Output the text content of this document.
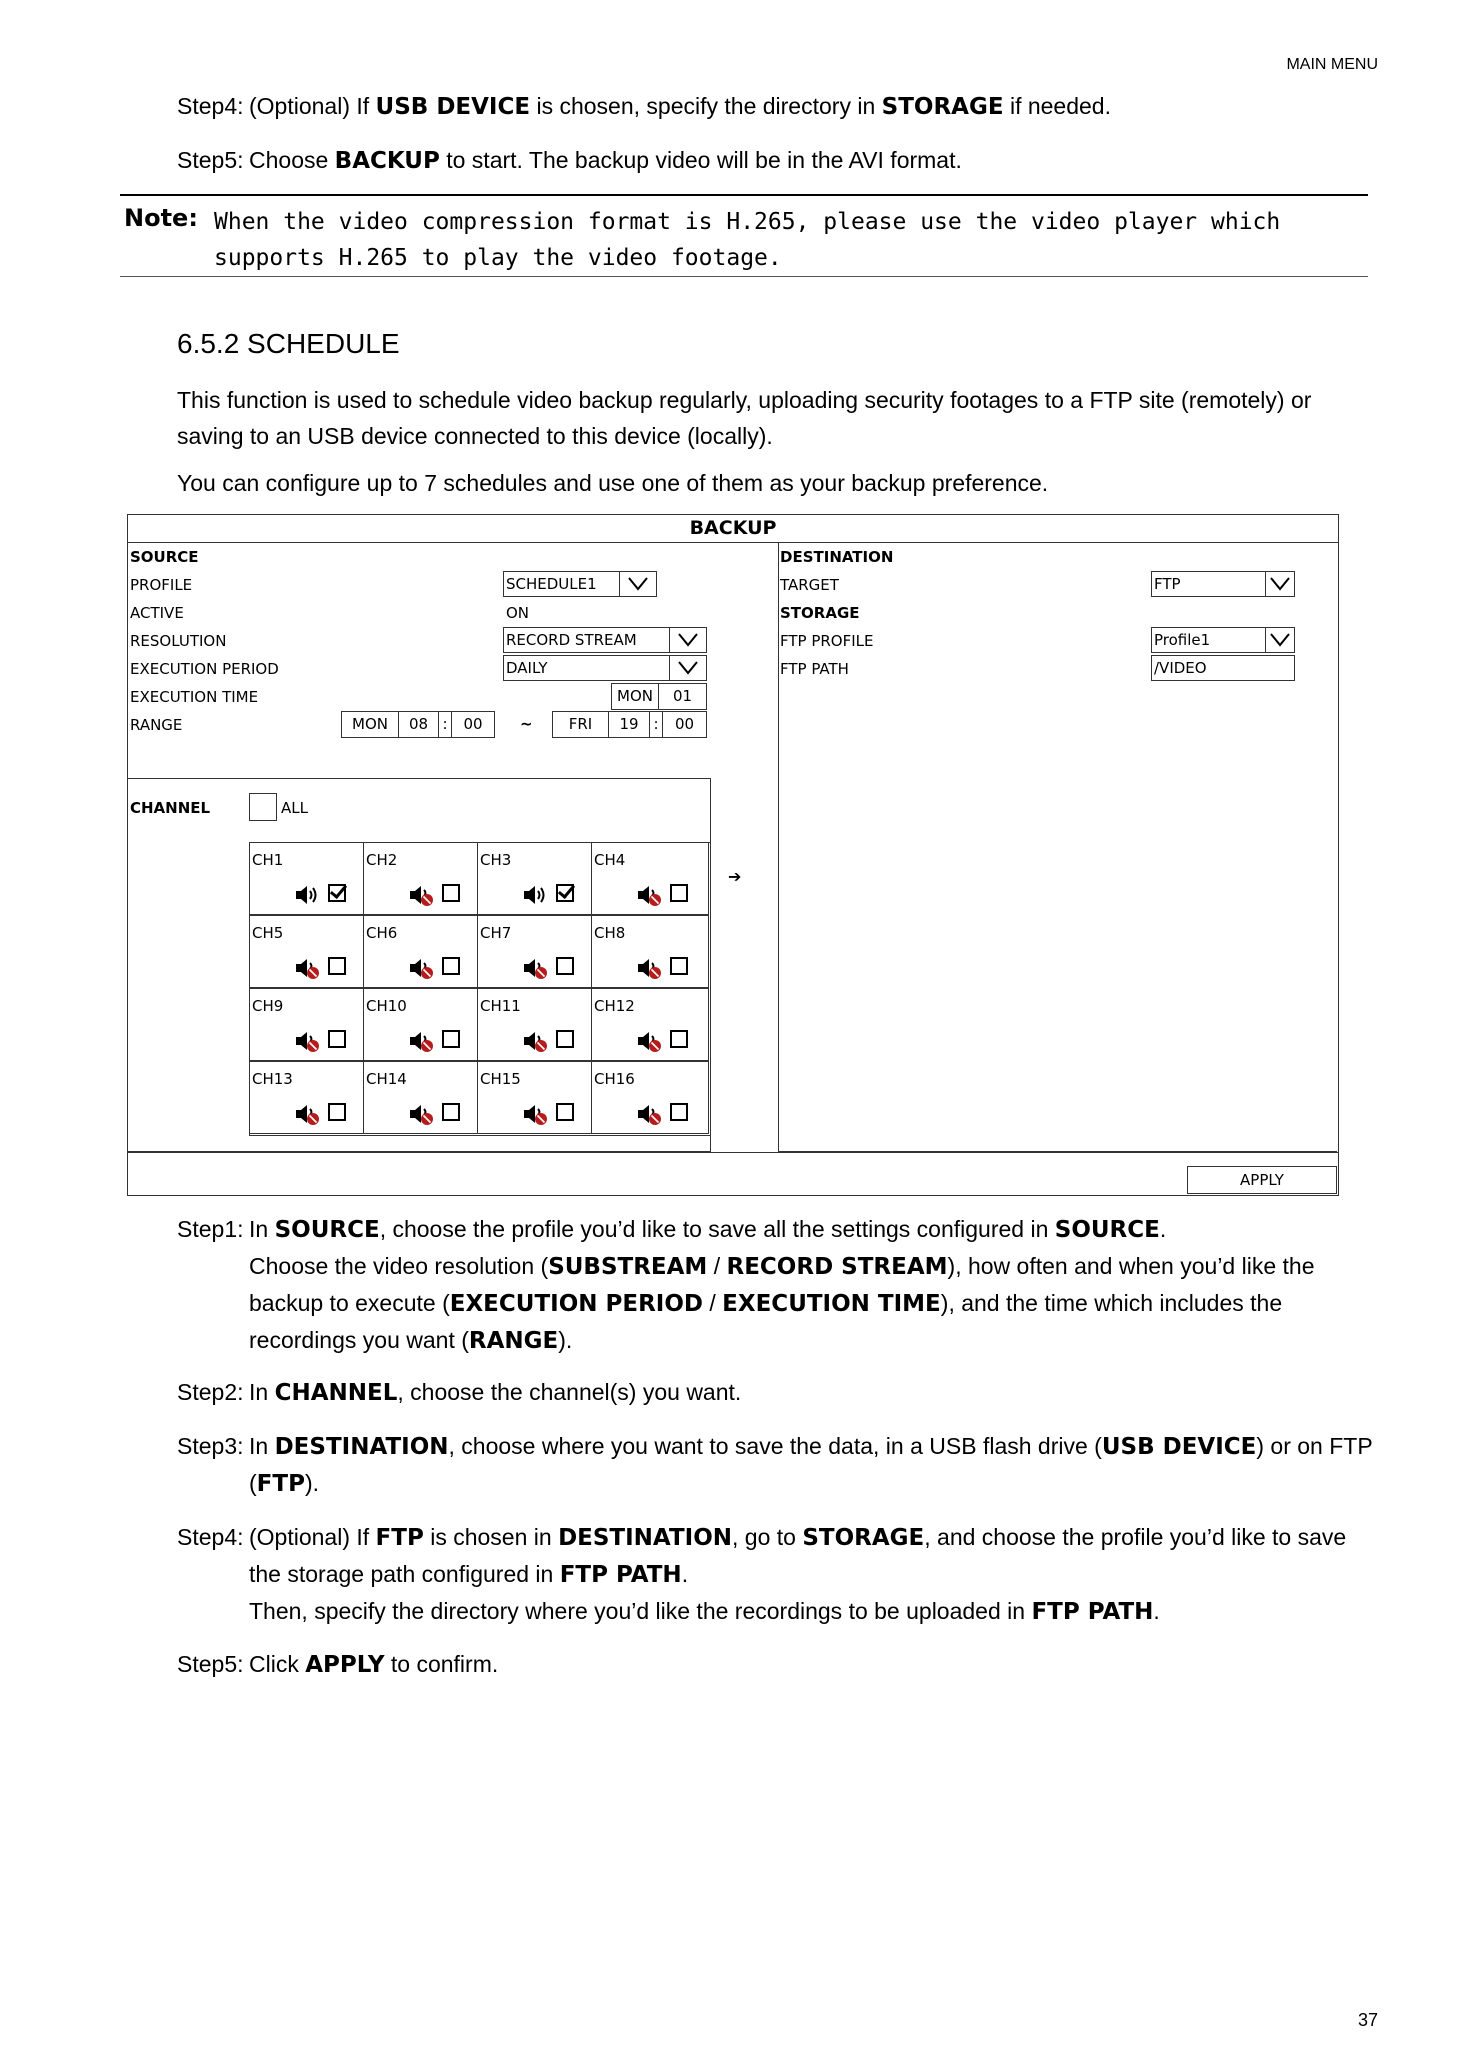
MAIN MENU
Step4: (Optional) If USB DEVICE is chosen, specify the directory in STORAGE if needed.
Step5: Choose BACKUP to start. The backup video will be in the AVI format.
Note: When the video compression format is H.265, please use the video player which supports H.265 to play the video footage.
6.5.2 SCHEDULE
This function is used to schedule video backup regularly, uploading security footages to a FTP site (remotely) or saving to an USB device connected to this device (locally).
You can configure up to 7 schedules and use one of them as your backup preference.
BACKUP
SOURCE
PROFILE	SCHEDULE1
ACTIVE	ON
RESOLUTION	RECORD STREAM
EXECUTION PERIOD	DAILY
EXECUTION TIME	MON	01
RANGE	MON	08 :	00	~	FRI	19 :	00
CHANNEL	ALL
CH1	CH2	CH3	CH4
CH5	CH6	CH7	CH8
CH9	CH10	CH11	CH12
CH13	CH14	CH15	CH16
➔
DESTINATION
TARGET	FTP
STORAGE
FTP PROFILE	Profile1
FTP PATH	/VIDEO
APPLY
Step1: In SOURCE, choose the profile you’d like to save all the settings configured in SOURCE.
Choose the video resolution (SUBSTREAM / RECORD STREAM), how often and when you’d like the backup to execute (EXECUTION PERIOD / EXECUTION TIME), and the time which includes the recordings you want (RANGE).
Step2: In CHANNEL, choose the channel(s) you want.
Step3: In DESTINATION, choose where you want to save the data, in a USB flash drive (USB DEVICE) or on FTP (FTP).
Step4: (Optional) If FTP is chosen in DESTINATION, go to STORAGE, and choose the profile you’d like to save the storage path configured in FTP PATH.
Then, specify the directory where you’d like the recordings to be uploaded in FTP PATH.
Step5: Click APPLY to confirm.
37
